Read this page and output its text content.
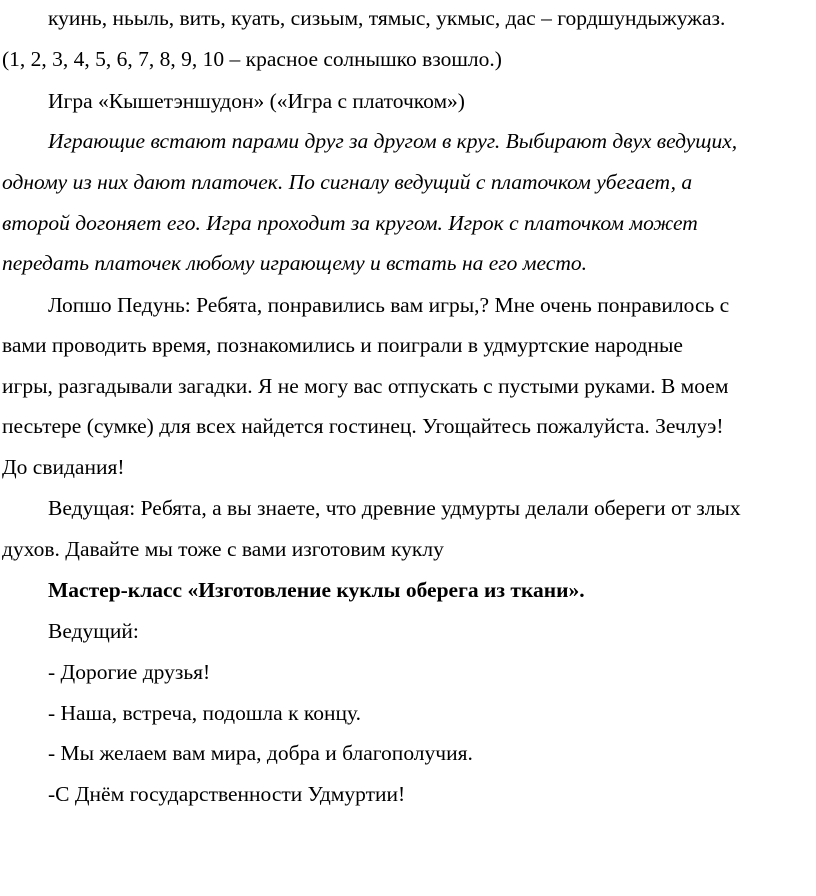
куинь, ньыль, вить, куать, сизьым, тямыс, укмыс, дас – гордшундыжужаз.

(1, 2, 3, 4, 5, 6, 7, 8, 9, 10 – красное солнышко взошло.)

Игра «Кышетэншудон» («Игра с платочком»)

Играющие встают парами друг за другом в круг. Выбирают двух ведущих,

одному из них дают платочек. По сигналу ведущий с платочком убегает, а

второй догоняет его. Игра проходит за кругом. Игрок с платочком может

передать платочек любому играющему и встать на его место.

Лопшо Педунь: Ребята, понравились вам игры,? Мне очень понравилось с

вами проводить время, познакомились и поиграли в удмуртские народные

игры, разгадывали загадки. Я не могу вас отпускать с пустыми руками. В моем

песьтере (сумке) для всех найдется гостинец. Угощайтесь пожалуйста. Зечлуэ!

До свидания!

Ведущая: Ребята, а вы знаете, что древние удмурты делали обереги от злых

духов. Давайте мы тоже с вами изготовим куклу

Мастер-класс «Изготовление куклы оберега из ткани».

Ведущий:

- Дорогие друзья!

- Наша, встреча, подошла к концу.

- Мы желаем вам мира, добра и благополучия.

-С Днём государственности Удмуртии!
